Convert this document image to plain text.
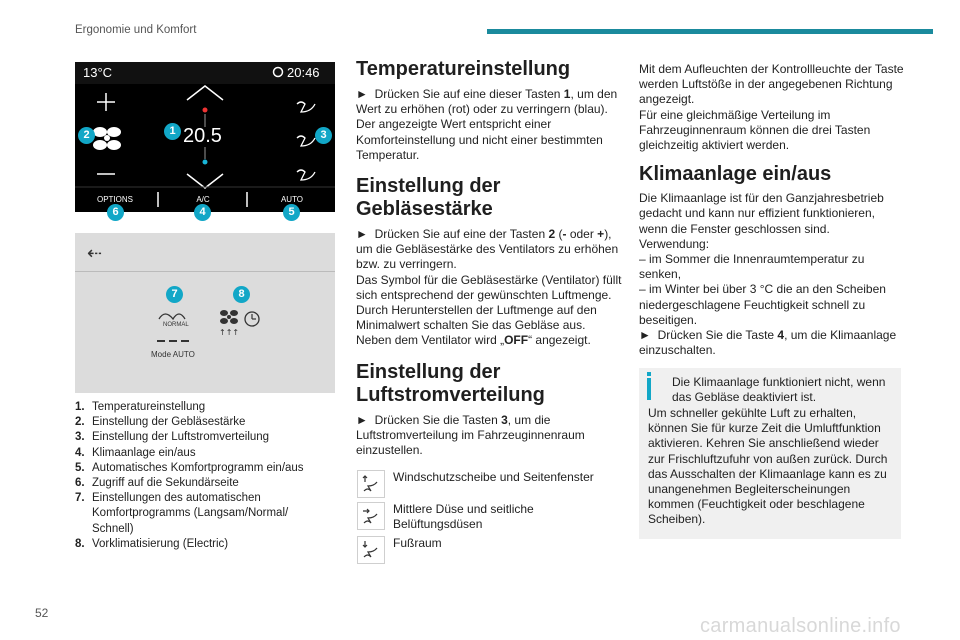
Ergonomie und Komfort
13°C	20:46
20.5
OPTIONS	A/C	AUTO
1
2	3
4	5
6
⇠
7	8
NORMAL
↑↑↑
Mode AUTO
1. Temperatureinstellung
2. Einstellung der Gebläsestärke
3. Einstellung der Luftstromverteilung
4. Klimaanlage ein/aus
5. Automatisches Komfortprogramm ein/aus
6. Zugriff auf die Sekundärseite
7. Einstellungen des automatischen Komfortprogramms (Langsam/Normal/ Schnell)
8. Vorklimatisierung (Electric)
Temperatureinstellung

► Drücken Sie auf eine dieser Tasten 1, um den Wert zu erhöhen (rot) oder zu verringern (blau). Der angezeigte Wert entspricht einer Komforteinstellung und nicht einer bestimmten Temperatur.

Einstellung der Gebläsestärke

► Drücken Sie auf eine der Tasten 2 (- oder +), um die Gebläsestärke des Ventilators zu erhöhen bzw. zu verringern.

Das Symbol für die Gebläsestärke (Ventilator) füllt sich entsprechend der gewünschten Luftmenge.

Durch Herunterstellen der Luftmenge auf den Minimalwert schalten Sie das Gebläse aus. Neben dem Ventilator wird „OFF“ angezeigt.

Einstellung der Luftstromverteilung

► Drücken Sie die Tasten 3, um die Luftstromverteilung im Fahrzeuginnenraum einzustellen.

Windschutzscheibe und Seitenfenster
Mittlere Düse und seitliche Belüftungsdüsen
Fußraum

Mit dem Aufleuchten der Kontrollleuchte der Taste werden Luftstöße in der angegebenen Richtung angezeigt.

Für eine gleichmäßige Verteilung im Fahrzeuginnenraum können die drei Tasten gleichzeitig aktiviert werden.

Klimaanlage ein/aus

Die Klimaanlage ist für den Ganzjahresbetrieb gedacht und kann nur effizient funktionieren, wenn die Fenster geschlossen sind.

Verwendung:

– im Sommer die Innenraumtemperatur zu senken,

– im Winter bei über 3 °C die an den Scheiben niedergeschlagene Feuchtigkeit schnell zu beseitigen.

► Drücken Sie die Taste 4, um die Klimaanlage einzuschalten.

Die Klimaanlage funktioniert nicht, wenn das Gebläse deaktiviert ist.
Um schneller gekühlte Luft zu erhalten, können Sie für kurze Zeit die Umluftfunktion aktivieren. Kehren Sie anschließend wieder zur Frischluftzufuhr von außen zurück. Durch das Ausschalten der Klimaanlage kann es zu unangenehmen Begleiterscheinungen kommen (Feuchtigkeit oder beschlagene Scheiben).
52
carmanualsonline.info
